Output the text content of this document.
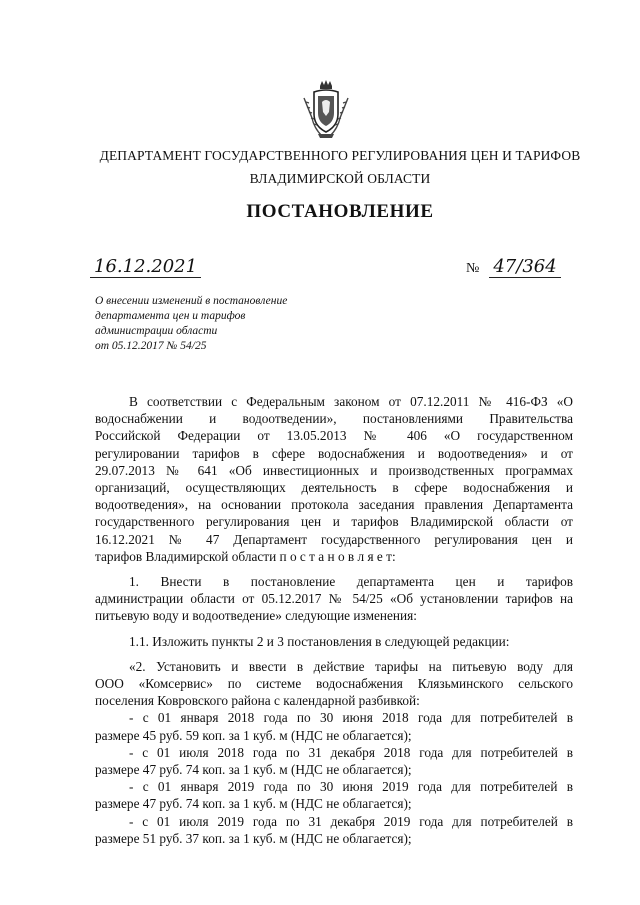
ДЕПАРТАМЕНТ ГОСУДАРСТВЕННОГО РЕГУЛИРОВАНИЯ ЦЕН И ТАРИФОВ
ВЛАДИМИРСКОЙ ОБЛАСТИ
ПОСТАНОВЛЕНИЕ
16.12.2021	№ 47/364
О внесении изменений в постановление
департамента цен и тарифов
администрации области
от 05.12.2017 № 54/25
В соответствии с Федеральным законом от 07.12.2011 № 416-ФЗ «О
водоснабжении и водоотведении», постановлениями Правительства
Российской Федерации от 13.05.2013 № 406 «О государственном
регулировании тарифов в сфере водоснабжения и водоотведения» и от
29.07.2013 № 641 «Об инвестиционных и производственных программах
организаций, осуществляющих деятельность в сфере водоснабжения и
водоотведения», на основании протокола заседания правления Департамента
государственного регулирования цен и тарифов Владимирской области от
16.12.2021 № 47 Департамент государственного регулирования цен и
тарифов Владимирской области п о с т а н о в л я е т:
1. Внести в постановление департамента цен и тарифов
администрации области от 05.12.2017 № 54/25 «Об установлении тарифов на
питьевую воду и водоотведение» следующие изменения:
1.1. Изложить пункты 2 и 3 постановления в следующей редакции:
«2. Установить и ввести в действие тарифы на питьевую воду для
ООО «Комсервис» по системе водоснабжения Клязьминского сельского
поселения Ковровского района с календарной разбивкой:
- с 01 января 2018 года по 30 июня 2018 года для потребителей в
размере 45 руб. 59 коп. за 1 куб. м (НДС не облагается);
- с 01 июля 2018 года по 31 декабря 2018 года для потребителей в
размере 47 руб. 74 коп. за 1 куб. м (НДС не облагается);
- с 01 января 2019 года по 30 июня 2019 года для потребителей в
размере 47 руб. 74 коп. за 1 куб. м (НДС не облагается);
- с 01 июля 2019 года по 31 декабря 2019 года для потребителей в
размере 51 руб. 37 коп. за 1 куб. м (НДС не облагается);
